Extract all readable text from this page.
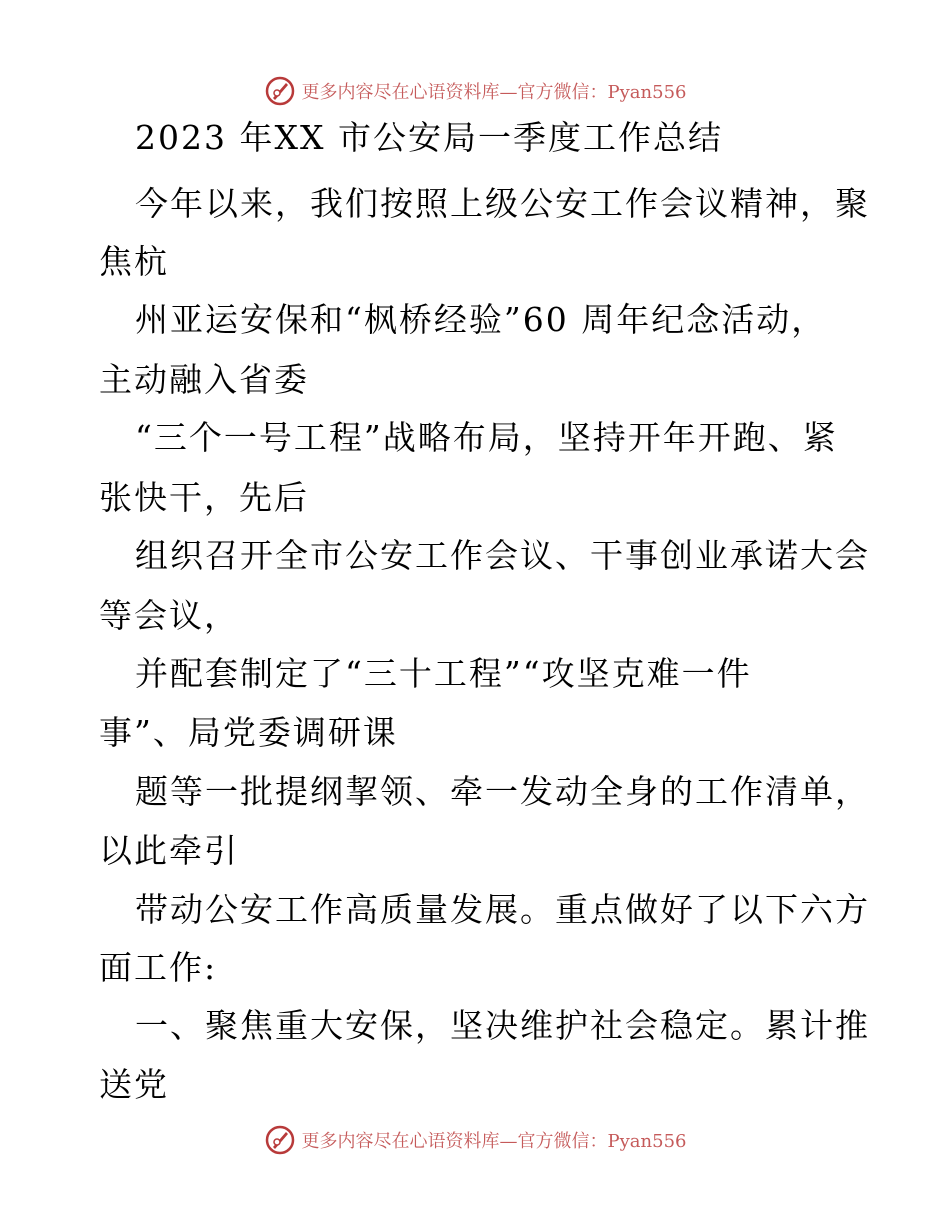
更多内容尽在心语资料库—官方微信：Pyan556
2023 年XX 市公安局一季度工作总结
今年以来，我们按照上级公安工作会议精神，聚
焦杭
州亚运安保和“枫桥经验”60 周年纪念活动，
主动融入省委
“三个一号工程”战略布局，坚持开年开跑、紧
张快干，先后
组织召开全市公安工作会议、干事创业承诺大会
等会议，
并配套制定了“三十工程”“攻坚克难一件
事”、局党委调研课
题等一批提纲挈领、牵一发动全身的工作清单，
以此牵引
带动公安工作高质量发展。重点做好了以下六方
面工作:
一、聚焦重大安保，坚决维护社会稳定。累计推
送党
更多内容尽在心语资料库—官方微信：Pyan556
